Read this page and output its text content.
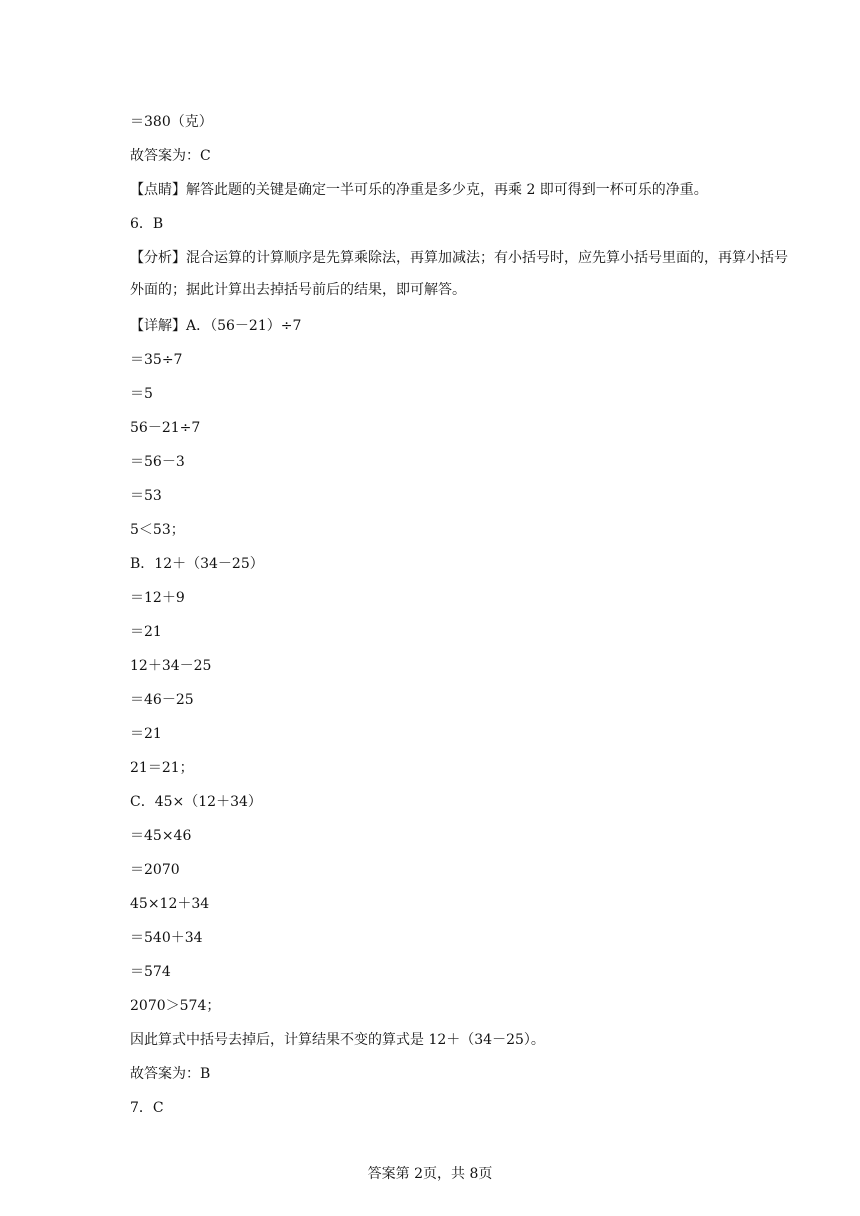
＝380（克）
故答案为：C
【点睛】解答此题的关键是确定一半可乐的净重是多少克，再乘 2 即可得到一杯可乐的净重。
6．B
【分析】混合运算的计算顺序是先算乘除法，再算加减法；有小括号时，应先算小括号里面的，再算小括号外面的；据此计算出去掉括号前后的结果，即可解答。
【详解】A．（56－21）÷7
＝35÷7
＝5
56－21÷7
＝56－3
＝53
5＜53；
B．12＋（34－25）
＝12＋9
＝21
12＋34－25
＝46－25
＝21
21＝21；
C．45×（12＋34）
＝45×46
＝2070
45×12＋34
＝540＋34
＝574
2070＞574；
因此算式中括号去掉后，计算结果不变的算式是 12＋（34－25）。
故答案为：B
7．C
答案第 2页，共 8页
